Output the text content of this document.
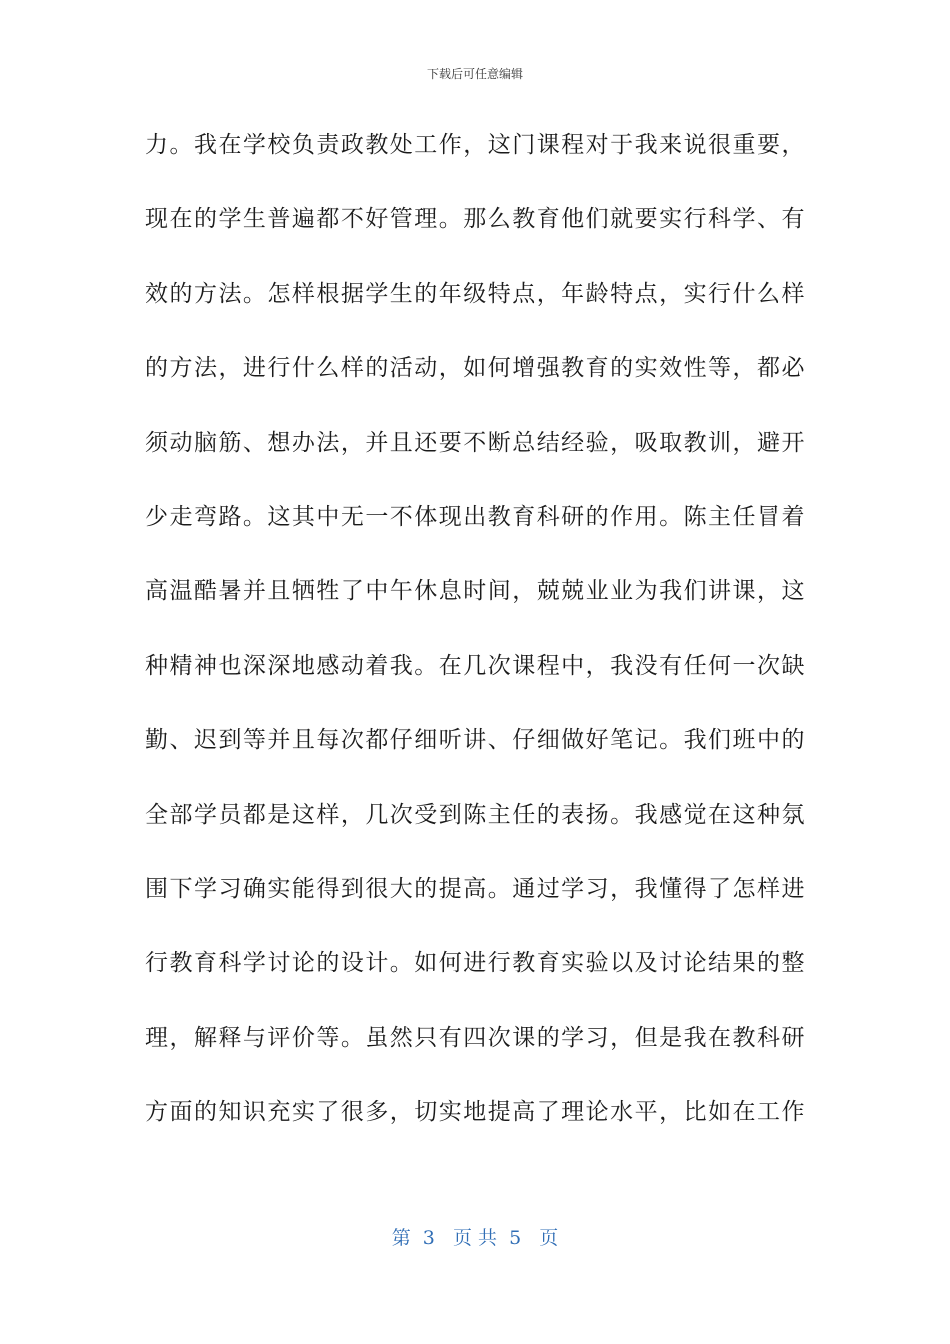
下载后可任意编辑
力。我在学校负责政教处工作，这门课程对于我来说很重要，
现在的学生普遍都不好管理。那么教育他们就要实行科学、有
效的方法。怎样根据学生的年级特点，年龄特点，实行什么样
的方法，进行什么样的活动，如何增强教育的实效性等，都必
须动脑筋、想办法，并且还要不断总结经验，吸取教训，避开
少走弯路。这其中无一不体现出教育科研的作用。陈主任冒着
高温酷暑并且牺牲了中午休息时间，兢兢业业为我们讲课，这
种精神也深深地感动着我。在几次课程中，我没有任何一次缺
勤、迟到等并且每次都仔细听讲、仔细做好笔记。我们班中的
全部学员都是这样，几次受到陈主任的表扬。我感觉在这种氛
围下学习确实能得到很大的提高。通过学习，我懂得了怎样进
行教育科学讨论的设计。如何进行教育实验以及讨论结果的整
理，解释与评价等。虽然只有四次课的学习，但是我在教科研
方面的知识充实了很多，切实地提高了理论水平，比如在工作
第  3   页 共  5   页
